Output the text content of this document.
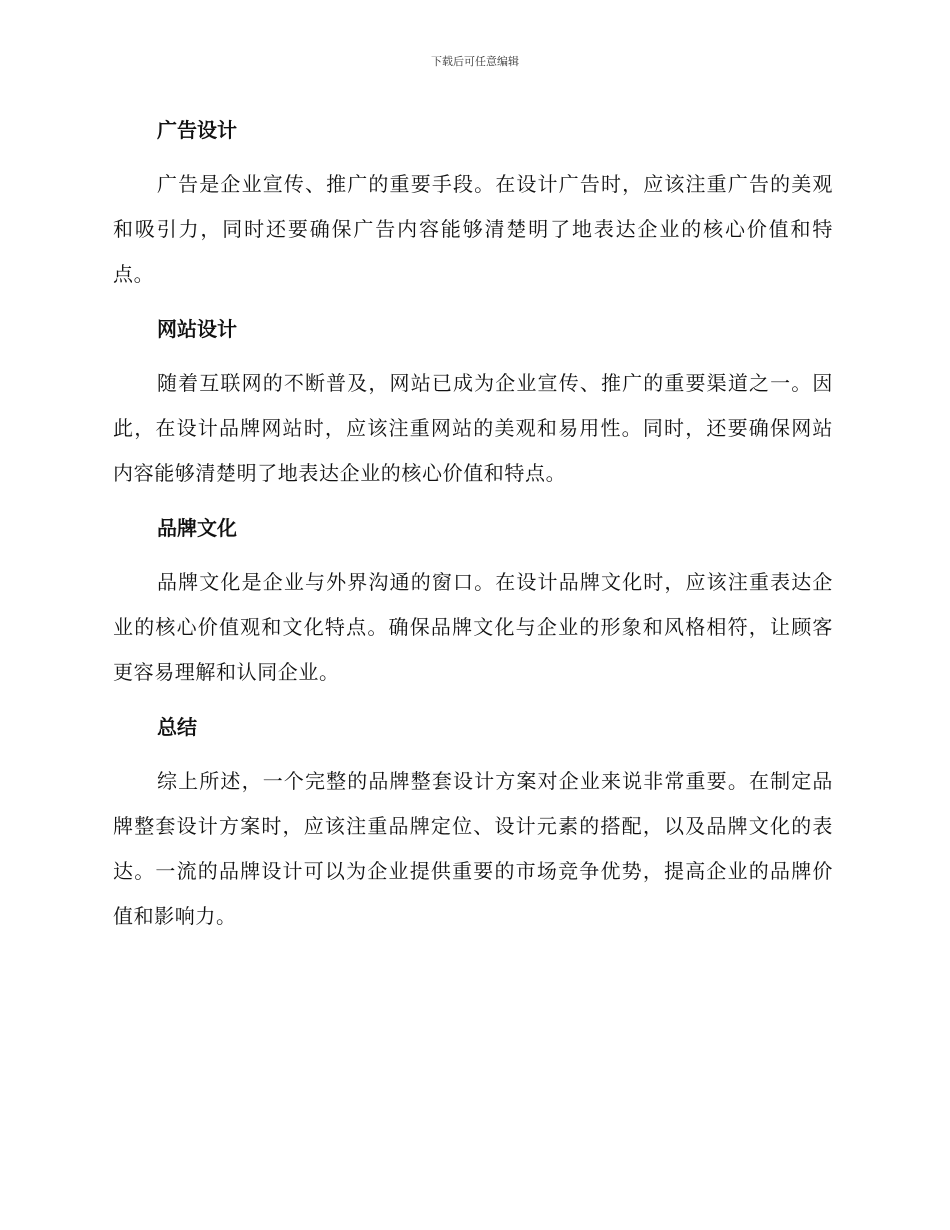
下载后可任意编辑
广告设计

广告是企业宣传、推广的重要手段。在设计广告时，应该注重广告的美观和吸引力，同时还要确保广告内容能够清楚明了地表达企业的核心价值和特点。

网站设计

随着互联网的不断普及，网站已成为企业宣传、推广的重要渠道之一。因此，在设计品牌网站时，应该注重网站的美观和易用性。同时，还要确保网站内容能够清楚明了地表达企业的核心价值和特点。

品牌文化

品牌文化是企业与外界沟通的窗口。在设计品牌文化时，应该注重表达企业的核心价值观和文化特点。确保品牌文化与企业的形象和风格相符，让顾客更容易理解和认同企业。

总结

综上所述，一个完整的品牌整套设计方案对企业来说非常重要。在制定品牌整套设计方案时，应该注重品牌定位、设计元素的搭配，以及品牌文化的表达。一流的品牌设计可以为企业提供重要的市场竞争优势，提高企业的品牌价值和影响力。
